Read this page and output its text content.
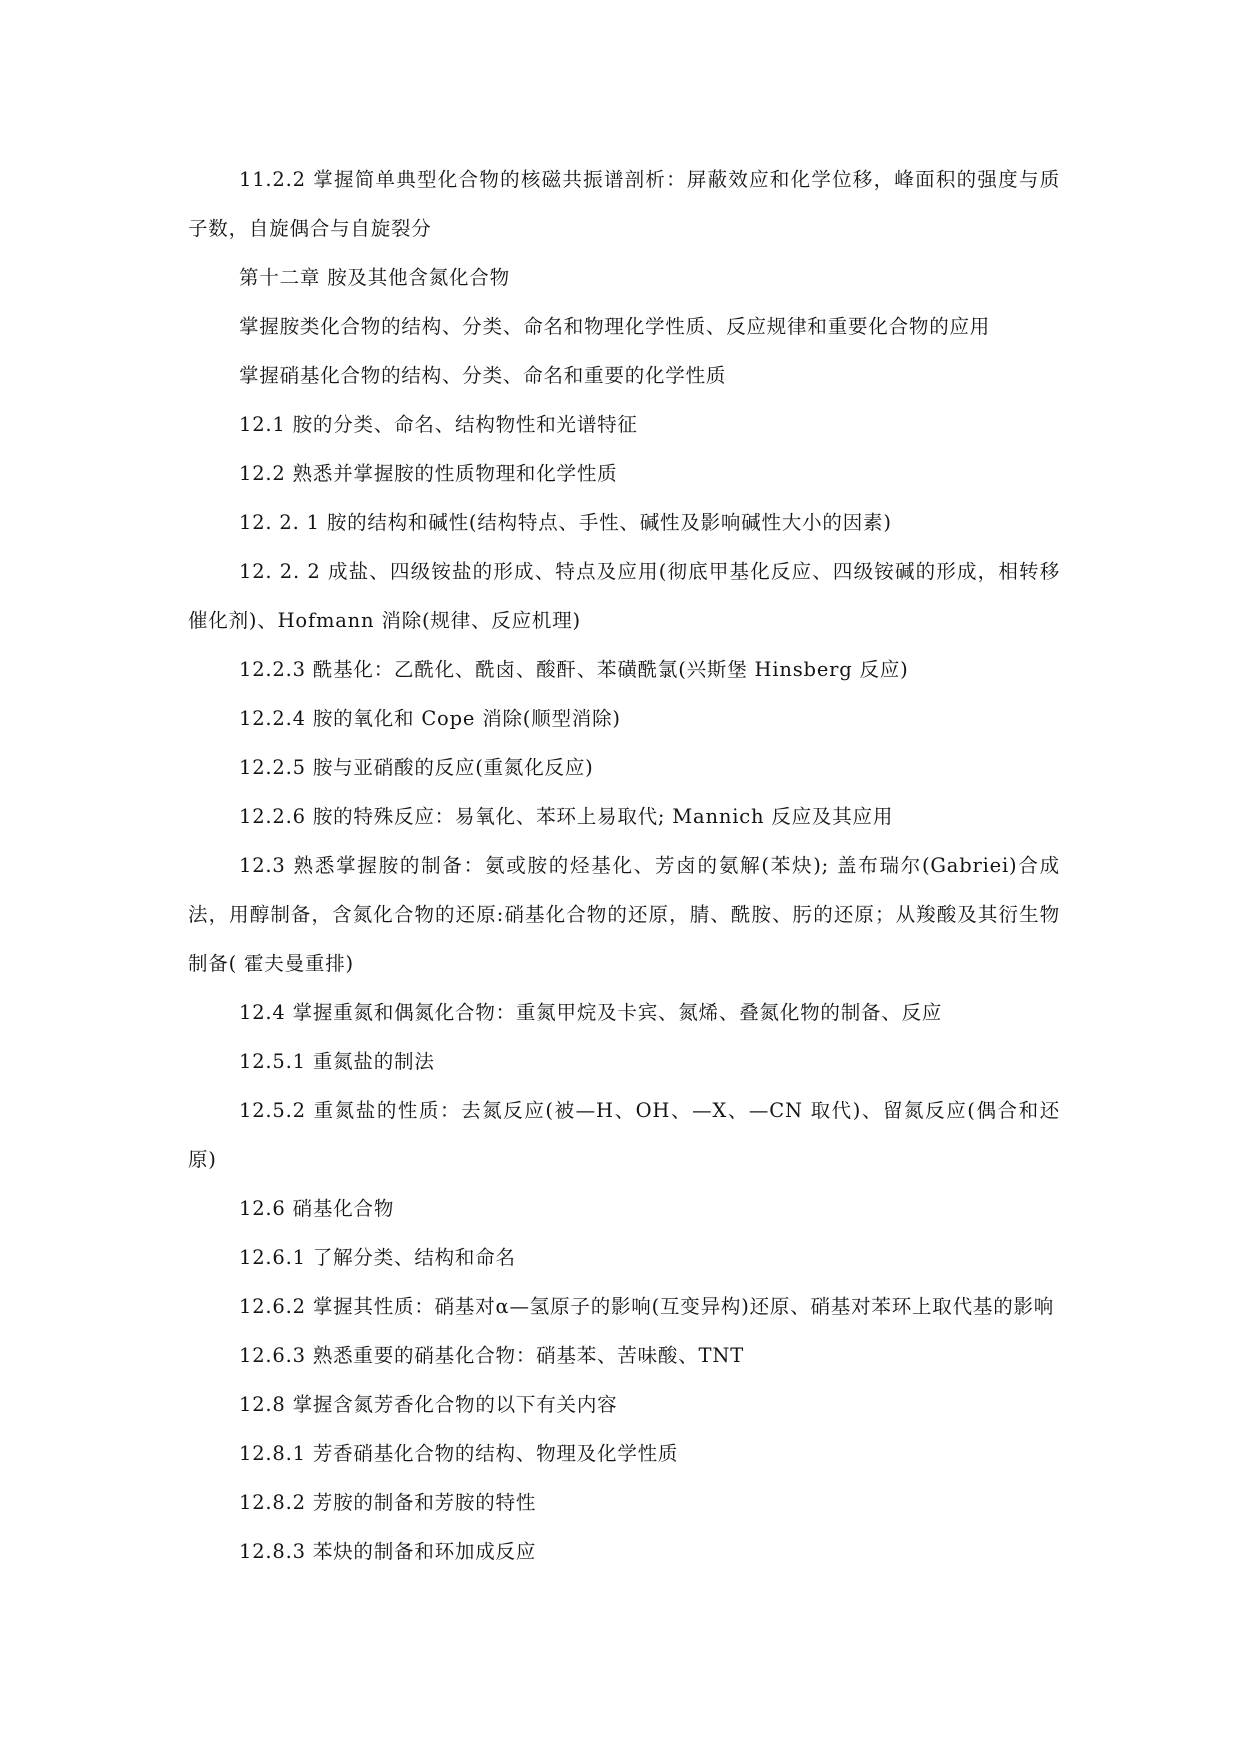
11.2.2 掌握简单典型化合物的核磁共振谱剖析：屏蔽效应和化学位移，峰面积的强度与质子数，自旋偶合与自旋裂分

第十二章 胺及其他含氮化合物

掌握胺类化合物的结构、分类、命名和物理化学性质、反应规律和重要化合物的应用

掌握硝基化合物的结构、分类、命名和重要的化学性质

12.1 胺的分类、命名、结构物性和光谱特征

12.2 熟悉并掌握胺的性质物理和化学性质

12. 2. 1 胺的结构和碱性(结构特点、手性、碱性及影响碱性大小的因素)

12. 2. 2 成盐、四级铵盐的形成、特点及应用(彻底甲基化反应、四级铵碱的形成，相转移催化剂)、Hofmann 消除(规律、反应机理)

12.2.3 酰基化：乙酰化、酰卤、酸酐、苯磺酰氯(兴斯堡 Hinsberg 反应)

12.2.4 胺的氧化和 Cope 消除(顺型消除)

12.2.5 胺与亚硝酸的反应(重氮化反应)

12.2.6 胺的特殊反应：易氧化、苯环上易取代; Mannich 反应及其应用

12.3 熟悉掌握胺的制备：氨或胺的烃基化、芳卤的氨解(苯炔); 盖布瑞尔(Gabriei)合成法，用醇制备，含氮化合物的还原:硝基化合物的还原，腈、酰胺、肟的还原；从羧酸及其衍生物制备( 霍夫曼重排)

12.4 掌握重氮和偶氮化合物：重氮甲烷及卡宾、氮烯、叠氮化物的制备、反应

12.5.1 重氮盐的制法

12.5.2 重氮盐的性质：去氮反应(被—H、OH、—X、—CN 取代)、留氮反应(偶合和还原)

12.6 硝基化合物

12.6.1 了解分类、结构和命名

12.6.2 掌握其性质：硝基对α—氢原子的影响(互变异构)还原、硝基对苯环上取代基的影响

12.6.3 熟悉重要的硝基化合物：硝基苯、苦味酸、TNT

12.8 掌握含氮芳香化合物的以下有关内容

12.8.1 芳香硝基化合物的结构、物理及化学性质

12.8.2 芳胺的制备和芳胺的特性

12.8.3 苯炔的制备和环加成反应
